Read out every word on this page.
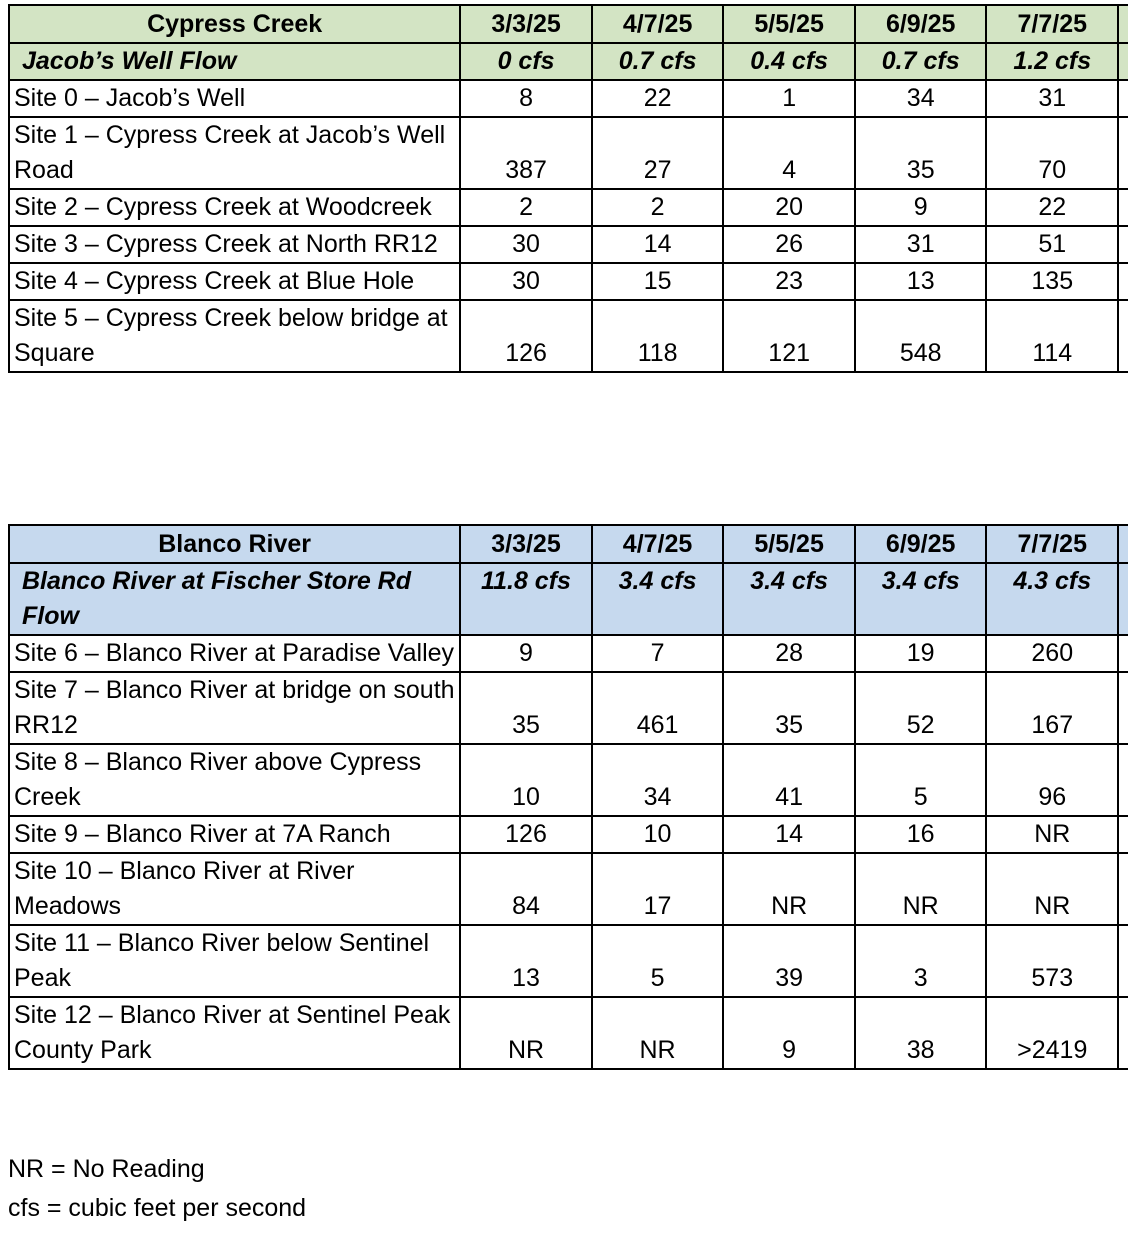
Cypress Creek	3/3/25	4/7/25	5/5/25	6/9/25	7/7/25	
Jacob’s Well Flow	0 cfs	0.7 cfs	0.4 cfs	0.7 cfs	1.2 cfs	
Site 0 – Jacob’s Well	8	22	1	34	31	
Site 1 – Cypress Creek at Jacob’s Well Road	387	27	4	35	70	
Site 2 – Cypress Creek at Woodcreek	2	2	20	9	22	
Site 3 – Cypress Creek at North RR12	30	14	26	31	51	
Site 4 – Cypress Creek at Blue Hole	30	15	23	13	135	
Site 5 – Cypress Creek below bridge at Square	126	118	121	548	114	
Blanco River	3/3/25	4/7/25	5/5/25	6/9/25	7/7/25	
Blanco River at Fischer Store Rd Flow	11.8 cfs	3.4 cfs	3.4 cfs	3.4 cfs	4.3 cfs	
Site 6 – Blanco River at Paradise Valley	9	7	28	19	260	
Site 7 – Blanco River at bridge on south RR12	35	461	35	52	167	
Site 8 – Blanco River above Cypress Creek	10	34	41	5	96	
Site 9 – Blanco River at 7A Ranch	126	10	14	16	NR	
Site 10 – Blanco River at River Meadows	84	17	NR	NR	NR	
Site 11 – Blanco River below Sentinel Peak	13	5	39	3	573	
Site 12 – Blanco River at Sentinel Peak County Park	NR	NR	9	38	>2419	
NR = No Reading
cfs = cubic feet per second
